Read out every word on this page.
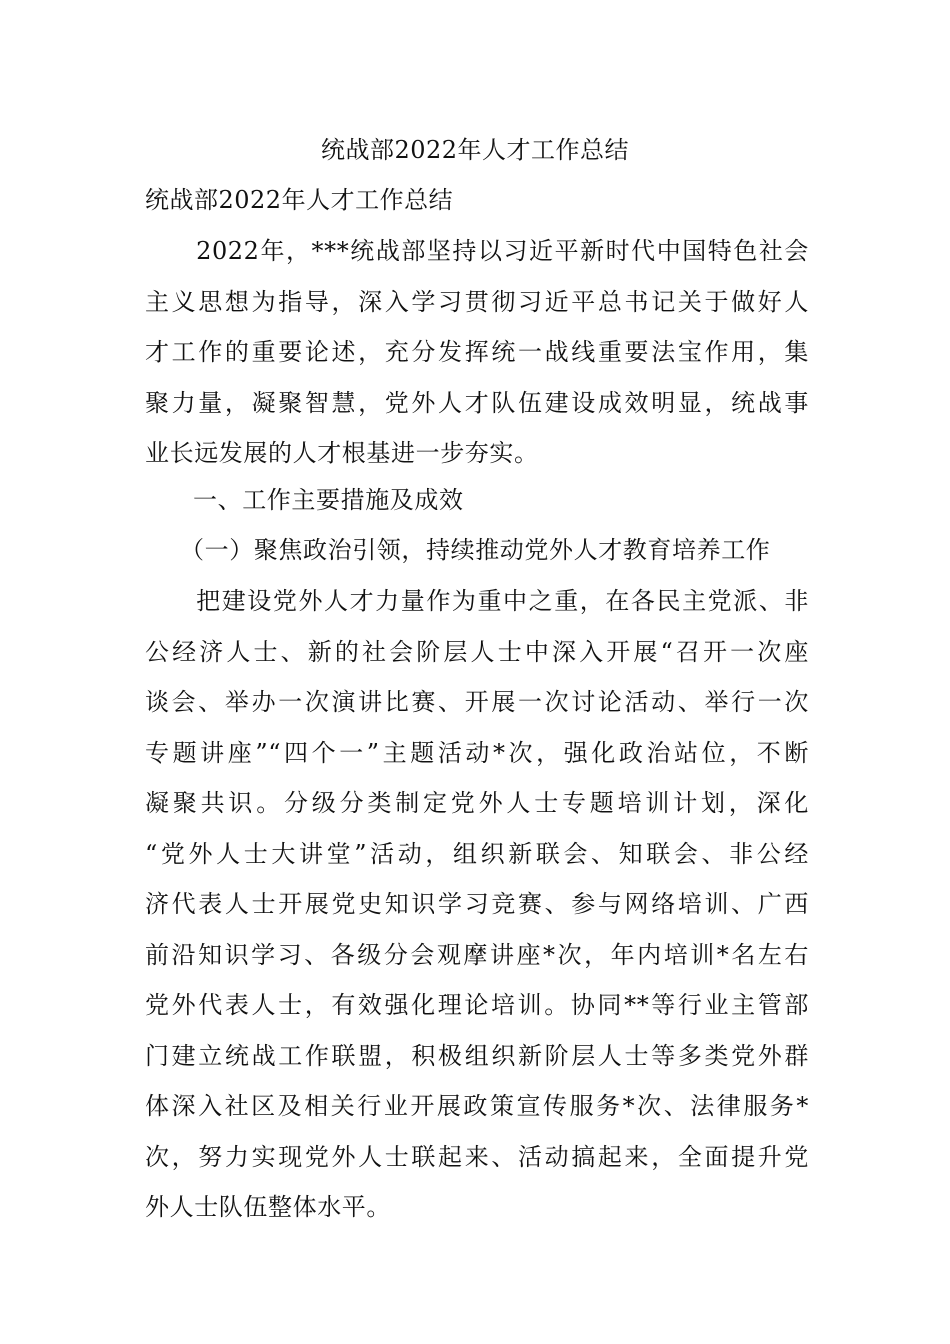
统战部2022年人才工作总结
统战部2022年人才工作总结
　　2022年，***统战部坚持以习近平新时代中国特色社会
主义思想为指导，深入学习贯彻习近平总书记关于做好人
才工作的重要论述，充分发挥统一战线重要法宝作用，集
聚力量，凝聚智慧，党外人才队伍建设成效明显，统战事
业长远发展的人才根基进一步夯实。
一、工作主要措施及成效
（一）聚焦政治引领，持续推动党外人才教育培养工作
　　把建设党外人才力量作为重中之重，在各民主党派、非
公经济人士、新的社会阶层人士中深入开展“召开一次座
谈会、举办一次演讲比赛、开展一次讨论活动、举行一次
专题讲座”“四个一”主题活动*次，强化政治站位，不断
凝聚共识。分级分类制定党外人士专题培训计划，深化
“党外人士大讲堂”活动，组织新联会、知联会、非公经
济代表人士开展党史知识学习竞赛、参与网络培训、广西
前沿知识学习、各级分会观摩讲座*次，年内培训*名左右
党外代表人士，有效强化理论培训。协同**等行业主管部
门建立统战工作联盟，积极组织新阶层人士等多类党外群
体深入社区及相关行业开展政策宣传服务*次、法律服务*
次，努力实现党外人士联起来、活动搞起来，全面提升党
外人士队伍整体水平。
